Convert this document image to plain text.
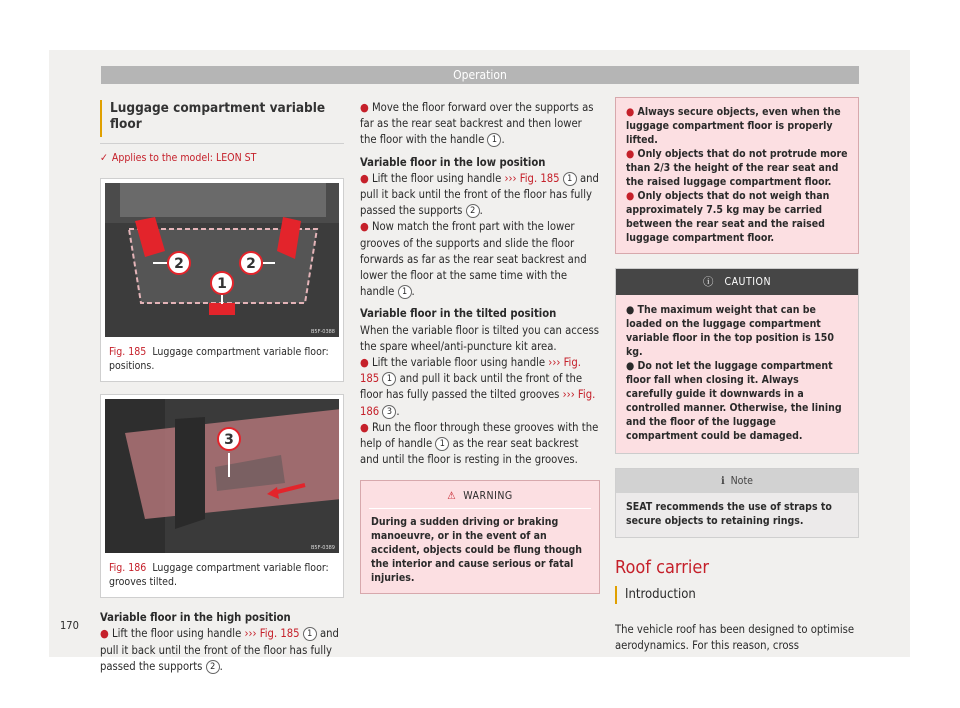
Operation
Luggage compartment variable floor
✓ Applies to the model: LEON ST
2	2
1
B5F-0388
Fig. 185 Luggage compartment variable floor: positions.
3
B5F-0389
Fig. 186 Luggage compartment variable floor: grooves tilted.

Variable floor in the high position

● Lift the floor using handle ››› Fig. 185 1 and pull it back until the front of the floor has fully passed the supports 2 .

● Move the floor forward over the supports as far as the rear seat backrest and then lower the floor with the handle 1 .

Variable floor in the low position

● Lift the floor using handle ››› Fig. 185 1 and pull it back until the front of the floor has fully passed the supports 2 .

● Now match the front part with the lower grooves of the supports and slide the floor forwards as far as the rear seat backrest and lower the floor at the same time with the handle 1 .

Variable floor in the tilted position

When the variable floor is tilted you can access the spare wheel/anti-puncture kit area.

● Lift the variable floor using handle ››› Fig. 185 1 and pull it back until the front of the floor has fully passed the tilted grooves ››› Fig. 186 3 .

● Run the floor through these grooves with the help of handle 1 as the rear seat backrest and until the floor is resting in the grooves.

⚠ WARNING
During a sudden driving or braking manoeuvre, or in the event of an accident, objects could be flung though the interior and cause serious or fatal injuries.

● Always secure objects, even when the luggage compartment floor is properly lifted.

● Only objects that do not protrude more than 2/3 the height of the rear seat and the raised luggage compartment floor.

● Only objects that do not weigh than approximately 7.5 kg may be carried between the rear seat and the raised luggage compartment floor.

ⓘ CAUTION

● The maximum weight that can be loaded on the luggage compartment variable floor in the top position is 150 kg.

● Do not let the luggage compartment floor fall when closing it. Always carefully guide it downwards in a controlled manner. Otherwise, the lining and the floor of the luggage compartment could be damaged.

ℹ Note
SEAT recommends the use of straps to secure objects to retaining rings.
Roof carrier
Introduction

The vehicle roof has been designed to optimise aerodynamics. For this reason, cross

170
